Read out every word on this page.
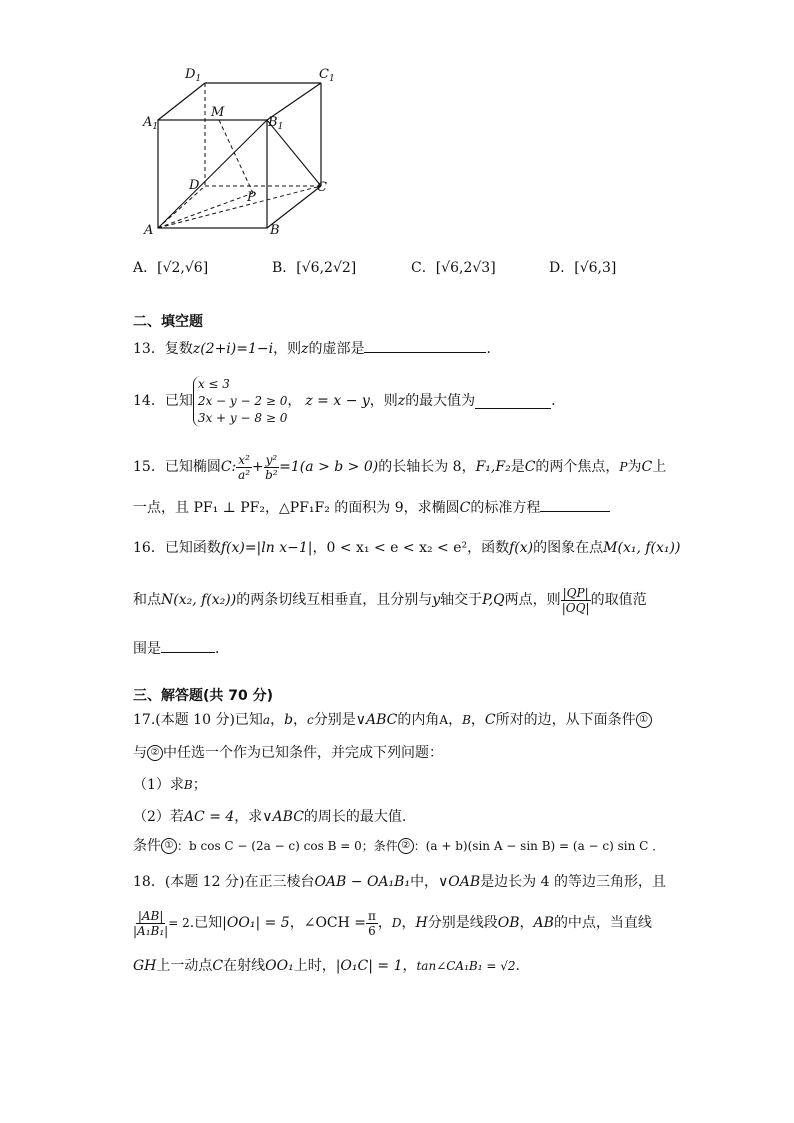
$D_1$	$C_1$
$A_1$	$B_1$
M
D
P
C
A	B
A．[√2,√6]	B．[√6,2√2]	C．[√6,2√3]	D．[√6,3]
二、填空题
13．复数z(2+i)=1−i，则z的虚部是	．
14．已知
x ≤ 3
2x − y − 2 ≥ 0
3x + y − 8 ≥ 0
， z = x − y ，则 z 的最大值为	．
15．已知椭圆 C: $\frac{\text{x²}}{\text{a²}} + \frac{\text{y²}}{\text{b²}} =1(a > b > 0)$ 的长轴长为 8， F₁,F₂ 是 C 的两个焦点， P 为 C 上
一点，且 PF₁ ⊥ PF₂，△PF₁F₂ 的面积为 9，求椭圆C的标准方程
16．已知函数f(x)=|ln x−1|，0 < x₁ < e < x₂ < e²，函数f(x)的图象在点M(x₁, f(x₁))
和点 N(x₂, f(x₂)) 的两条切线互相垂直，且分别与 y 轴交于 P,Q 两点，则 $\frac{|QP|}{|OQ|}$ 的取值范
围是	．
三、解答题(共 70 分)
17.(本题 10 分)已知a，b，c分别是∨ABC的内角A，B，C所对的边，从下面条件 ①
与 ② 中任选一个作为已知条件，并完成下列问题：
（1）求B；
（2）若AC = 4，求∨ABC的周长的最大值.
条件 ① ：b cos C − (2a − c) cos B = 0；条件 ② ：(a + b)(sin A − sin B) = (a − c) sin C ．
18．(本题 12 分)在正三棱台OAB − OA₁B₁中，∨OAB是边长为 4 的等边三角形，且
$\frac{|AB|}{\text{|A₁B₁|}} = 2$ .已知 |OO₁| = 5 ，∠OCH = $\frac{\pi}{6}$ ， D ， H 分别是线段 OB ， AB 的中点，当直线
GH上一动点C在射线OO₁上时，|O₁C| = 1，tan∠CA₁B₁ = √2.
